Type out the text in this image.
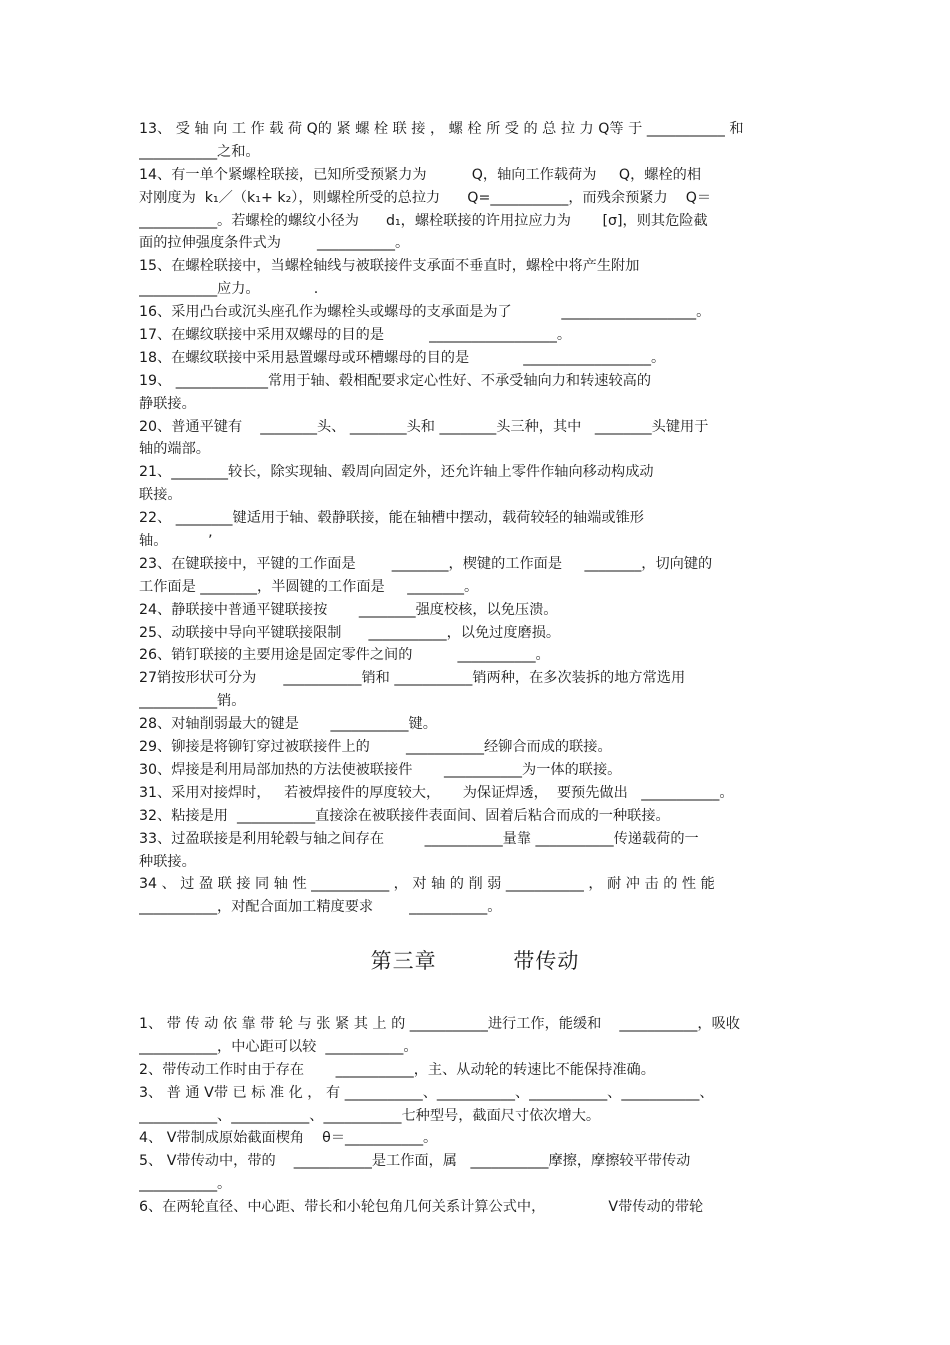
13、 受 轴 向 工 作 载 荷 Q的 紧 螺 栓 联 接 ， 螺 栓 所 受 的 总 拉 力 Q等 于 ___________ 和
___________之和。
14、有一单个紧螺栓联接，已知所受预紧力为          Q，轴向工作载荷为     Q，螺栓的相
对刚度为  k₁／（k₁+ k₂），则螺栓所受的总拉力      Q=___________，而残余预紧力    Q＝
___________。若螺栓的螺纹小径为      d₁，螺栓联接的许用拉应力为       [σ]，则其危险截
面的拉伸强度条件式为        ___________。
15、在螺栓联接中，当螺栓轴线与被联接件支承面不垂直时，螺栓中将产生附加
___________应力。            .
16、采用凸台或沉头座孔作为螺栓头或螺母的支承面是为了           ___________________。
17、在螺纹联接中采用双螺母的目的是          __________________。
18、在螺纹联接中采用悬置螺母或环槽螺母的目的是            __________________。
19、 _____________常用于轴、毂相配要求定心性好、不承受轴向力和转速较高的
静联接。
20、普通平键有    ________头、 ________头和 ________头三种，其中   ________头键用于
轴的端部。
21、________较长，除实现轴、毂周向固定外，还允许轴上零件作轴向移动构成动
联接。
22、 ________键适用于轴、毂静联接，能在轴槽中摆动，载荷较轻的轴端或锥形
轴。         ’
23、在键联接中，平键的工作面是        ________，楔键的工作面是     ________，切向键的
工作面是 ________，半圆键的工作面是     ________。
24、静联接中普通平键联接按       ________强度校核，以免压溃。
25、动联接中导向平键联接限制      ___________，以免过度磨损。
26、销钉联接的主要用途是固定零件之间的          ___________。
27销按形状可分为      ___________销和 ___________销两种，在多次装拆的地方常选用
___________销。
28、对轴削弱最大的键是       ___________键。
29、铆接是将铆钉穿过被联接件上的        ___________经铆合而成的联接。
30、焊接是利用局部加热的方法使被联接件       ___________为一体的联接。
31、采用对接焊时，   若被焊接件的厚度较大，     为保证焊透，  要预先做出   ___________。
32、粘接是用  ___________直接涂在被联接件表面间、固着后粘合而成的一种联接。
33、过盈联接是利用轮毂与轴之间存在         ___________量靠 ___________传递载荷的一
种联接。
34 、 过 盈 联 接 同 轴 性 ___________ ， 对 轴 的 削 弱 ___________ ， 耐 冲 击 的 性 能
___________，对配合面加工精度要求        ___________。
第三章	带传动
1、 带 传 动 依 靠 带 轮 与 张 紧 其 上 的 ___________进行工作，能缓和    ___________，吸收
___________，中心距可以较  ___________。
2、带传动工作时由于存在       ___________，主、从动轮的转速比不能保持准确。
3、 普 通 V带 已 标 准 化 ， 有 ___________、___________、___________、___________、
___________、___________、___________七种型号，截面尺寸依次增大。
4、 V带制成原始截面楔角    θ＝___________。
5、 V带传动中，带的    ___________是工作面，属   ___________摩擦，摩擦较平带传动
___________。
6、在两轮直径、中心距、带长和小轮包角几何关系计算公式中，              V带传动的带轮
